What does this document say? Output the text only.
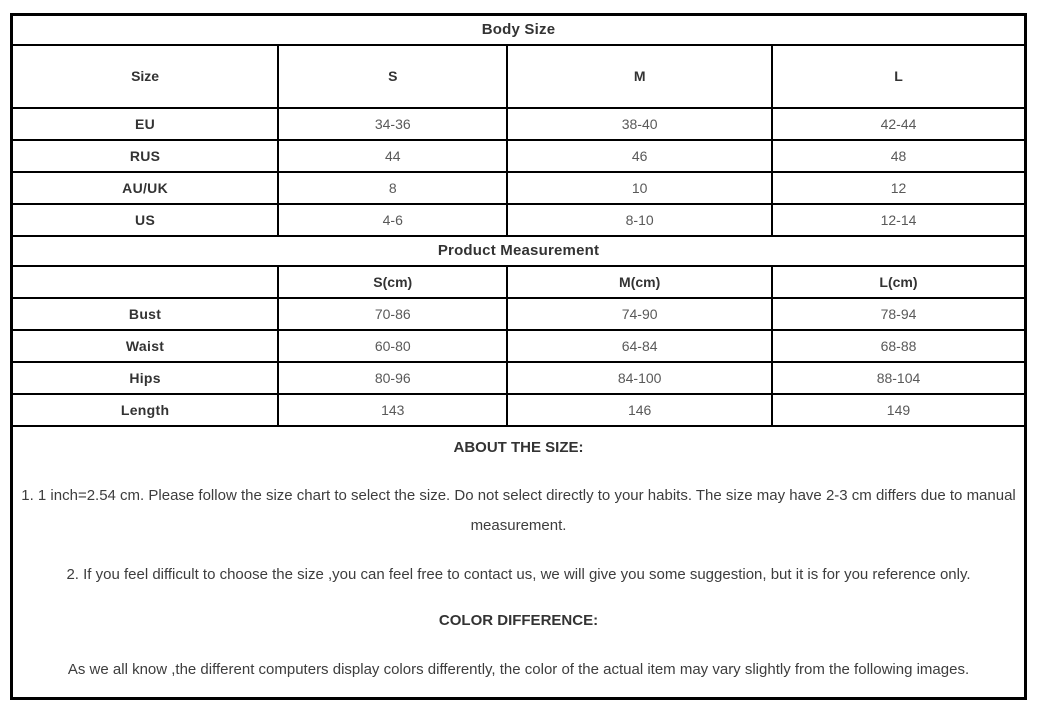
Body Size			
Size	S	M	L
EU	34-36	38-40	42-44
RUS	44	46	48
AU/UK	8	10	12
US	4-6	8-10	12-14
Product Measurement			
	S(cm)	M(cm)	L(cm)
Bust	70-86	74-90	78-94
Waist	60-80	64-84	68-88
Hips	80-96	84-100	88-104
Length	143	146	149

ABOUT THE SIZE:

1. 1 inch=2.54 cm. Please follow the size chart to select the size. Do not select directly to your habits. The size may have 2-3 cm differs due to manual measurement.

2. If you feel difficult to choose the size ,you can feel free to contact us, we will give you some suggestion, but it is for you reference only.

COLOR DIFFERENCE:

As we all know ,the different computers display colors differently, the color of the actual item may vary slightly from the following images.			
